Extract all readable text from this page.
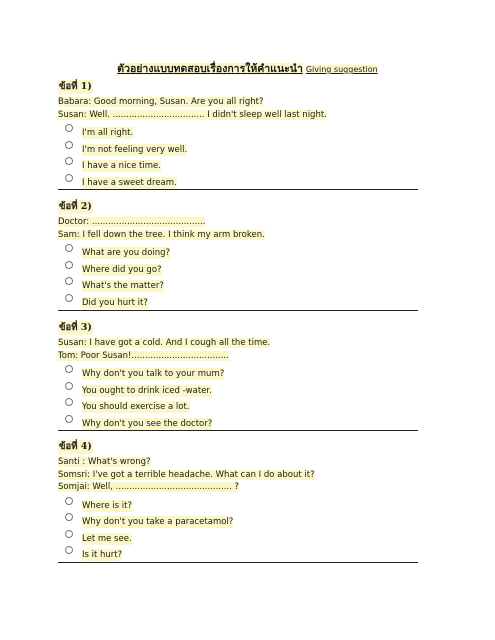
ตัวอย่างแบบทดสอบเรื่องการให้คำแนะนำ Giving suggestion
ข้อที่ 1)
Babara: Good morning, Susan. Are you all right?
Susan: Well. .................................. I didn't sleep well last night.
I'm all right.
I'm not feeling very well.
I have a nice time.
I have a sweet dream.
ข้อที่ 2)
Doctor: ..........................................
Sam: I fell down the tree. I think my arm broken.
What are you doing?
Where did you go?
What's the matter?
Did you hurt it?
ข้อที่ 3)
Susan: I have got a cold. And I cough all the time.
Tom: Poor Susan!....................................
Why don't you talk to your mum?
You ought to drink iced -water.
You should exercise a lot.
Why don't you see the doctor?
ข้อที่ 4)
Santi : What's wrong?
Somsri: I've got a terrible headache. What can I do about it?
Somjai: Well, ........................................... ?
Where is it?
Why don't you take a paracetamol?
Let me see.
Is it hurt?
